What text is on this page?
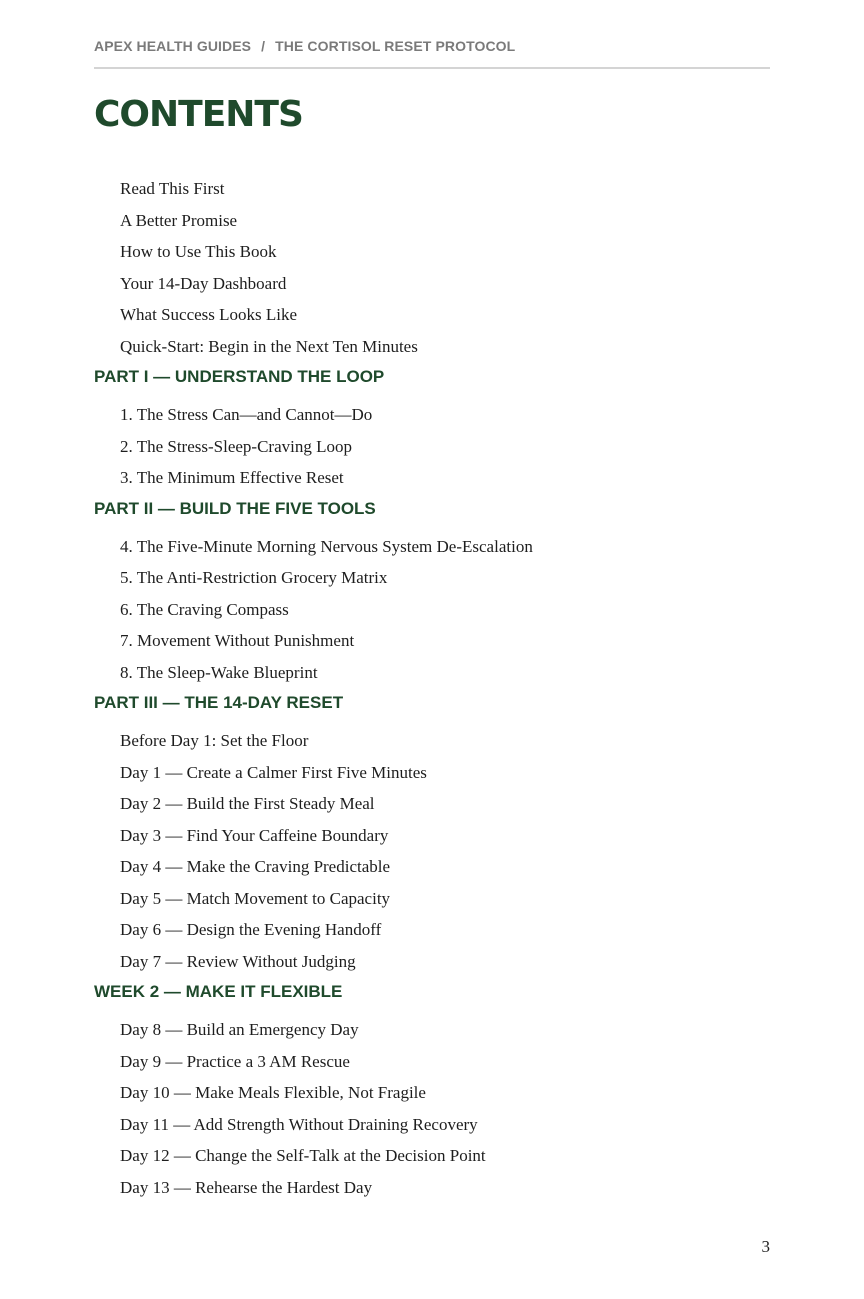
APEX HEALTH GUIDES / THE CORTISOL RESET PROTOCOL
CONTENTS
Read This First
A Better Promise
How to Use This Book
Your 14-Day Dashboard
What Success Looks Like
Quick-Start: Begin in the Next Ten Minutes
PART I — UNDERSTAND THE LOOP
1. The Stress Can—and Cannot—Do
2. The Stress-Sleep-Craving Loop
3. The Minimum Effective Reset
PART II — BUILD THE FIVE TOOLS
4. The Five-Minute Morning Nervous System De-Escalation
5. The Anti-Restriction Grocery Matrix
6. The Craving Compass
7. Movement Without Punishment
8. The Sleep-Wake Blueprint
PART III — THE 14-DAY RESET
Before Day 1: Set the Floor
Day 1 — Create a Calmer First Five Minutes
Day 2 — Build the First Steady Meal
Day 3 — Find Your Caffeine Boundary
Day 4 — Make the Craving Predictable
Day 5 — Match Movement to Capacity
Day 6 — Design the Evening Handoff
Day 7 — Review Without Judging
WEEK 2 — MAKE IT FLEXIBLE
Day 8 — Build an Emergency Day
Day 9 — Practice a 3 AM Rescue
Day 10 — Make Meals Flexible, Not Fragile
Day 11 — Add Strength Without Draining Recovery
Day 12 — Change the Self-Talk at the Decision Point
Day 13 — Rehearse the Hardest Day
3
